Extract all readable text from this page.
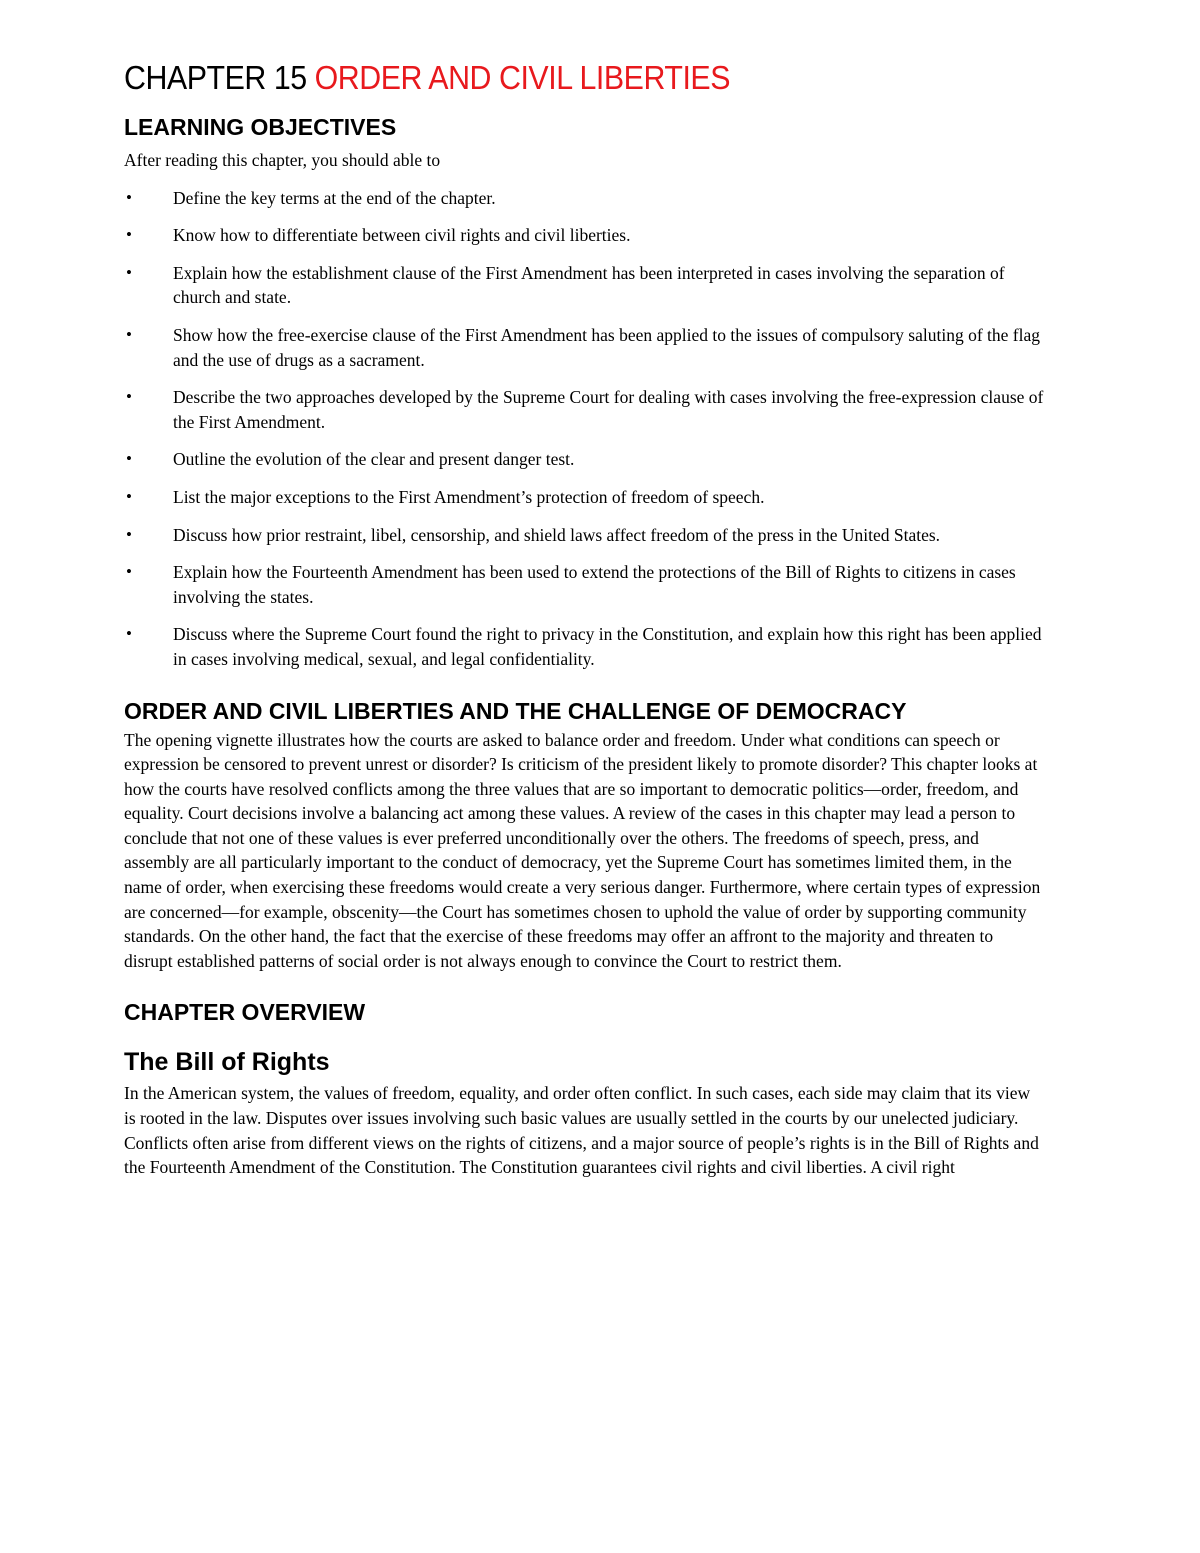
CHAPTER 15 ORDER AND CIVIL LIBERTIES
LEARNING OBJECTIVES

After reading this chapter, you should able to

• Define the key terms at the end of the chapter.
• Know how to differentiate between civil rights and civil liberties.
• Explain how the establishment clause of the First Amendment has been interpreted in cases involving the separation of church and state.
• Show how the free-exercise clause of the First Amendment has been applied to the issues of compulsory saluting of the flag and the use of drugs as a sacrament.
• Describe the two approaches developed by the Supreme Court for dealing with cases involving the free-expression clause of the First Amendment.
• Outline the evolution of the clear and present danger test.
• List the major exceptions to the First Amendment’s protection of freedom of speech.
• Discuss how prior restraint, libel, censorship, and shield laws affect freedom of the press in the United States.
• Explain how the Fourteenth Amendment has been used to extend the protections of the Bill of Rights to citizens in cases involving the states.
• Discuss where the Supreme Court found the right to privacy in the Constitution, and explain how this right has been applied in cases involving medical, sexual, and legal confidentiality.
ORDER AND CIVIL LIBERTIES AND THE CHALLENGE OF DEMOCRACY

The opening vignette illustrates how the courts are asked to balance order and freedom. Under what conditions can speech or expression be censored to prevent unrest or disorder? Is criticism of the president likely to promote disorder? This chapter looks at how the courts have resolved conflicts among the three values that are so important to democratic politics—order, freedom, and equality. Court decisions involve a balancing act among these values. A review of the cases in this chapter may lead a person to conclude that not one of these values is ever preferred unconditionally over the others. The freedoms of speech, press, and assembly are all particularly important to the conduct of democracy, yet the Supreme Court has sometimes limited them, in the name of order, when exercising these freedoms would create a very serious danger. Furthermore, where certain types of expression are concerned—for example, obscenity—the Court has sometimes chosen to uphold the value of order by supporting community standards. On the other hand, the fact that the exercise of these freedoms may offer an affront to the majority and threaten to disrupt established patterns of social order is not always enough to convince the Court to restrict them.

CHAPTER OVERVIEW
The Bill of Rights

In the American system, the values of freedom, equality, and order often conflict. In such cases, each side may claim that its view is rooted in the law. Disputes over issues involving such basic values are usually settled in the courts by our unelected judiciary. Conflicts often arise from different views on the rights of citizens, and a major source of people’s rights is in the Bill of Rights and the Fourteenth Amendment of the Constitution. The Constitution guarantees civil rights and civil liberties. A civil right
